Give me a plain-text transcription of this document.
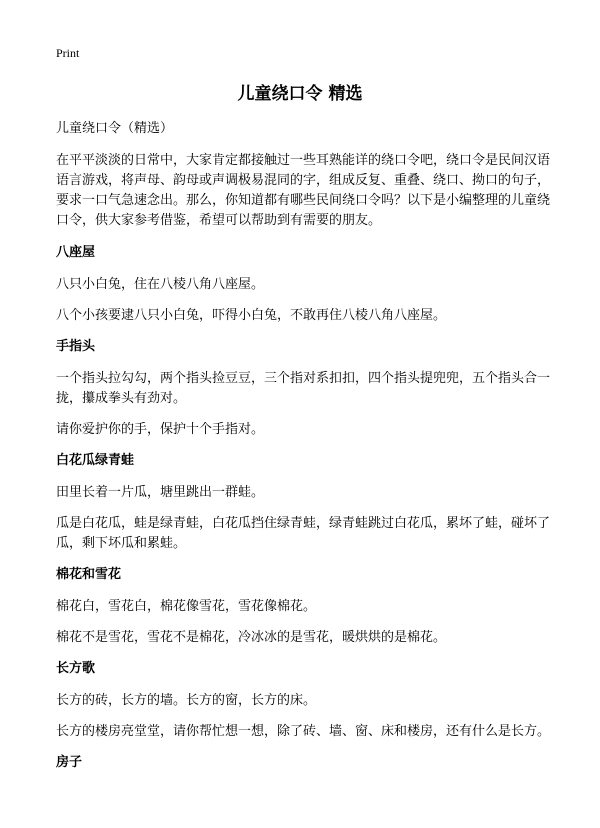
Print
儿童绕口令 精选

儿童绕口令（精选）

在平平淡淡的日常中，大家肯定都接触过一些耳熟能详的绕口令吧，绕口令是民间汉语语言游戏，将声母、韵母或声调极易混同的字，组成反复、重叠、绕口、拗口的句子，要求一口气急速念出。那么，你知道都有哪些民间绕口令吗？以下是小编整理的儿童绕口令，供大家参考借鉴，希望可以帮助到有需要的朋友。

八座屋

八只小白兔，住在八棱八角八座屋。

八个小孩要逮八只小白兔，吓得小白兔，不敢再住八棱八角八座屋。

手指头

一个指头拉勾勾，两个指头捡豆豆，三个指对系扣扣，四个指头提兜兜，五个指头合一拢，攥成拳头有劲对。

请你爱护你的手，保护十个手指对。

白花瓜绿青蛙

田里长着一片瓜，塘里跳出一群蛙。

瓜是白花瓜，蛙是绿青蛙，白花瓜挡住绿青蛙，绿青蛙跳过白花瓜，累坏了蛙，碰坏了瓜，剩下坏瓜和累蛙。

棉花和雪花

棉花白，雪花白，棉花像雪花，雪花像棉花。

棉花不是雪花，雪花不是棉花，冷冰冰的是雪花，暖烘烘的是棉花。

长方歌

长方的砖，长方的墙。长方的窗，长方的床。

长方的楼房亮堂堂，请你帮忙想一想，除了砖、墙、窗、床和楼房，还有什么是长方。

房子
